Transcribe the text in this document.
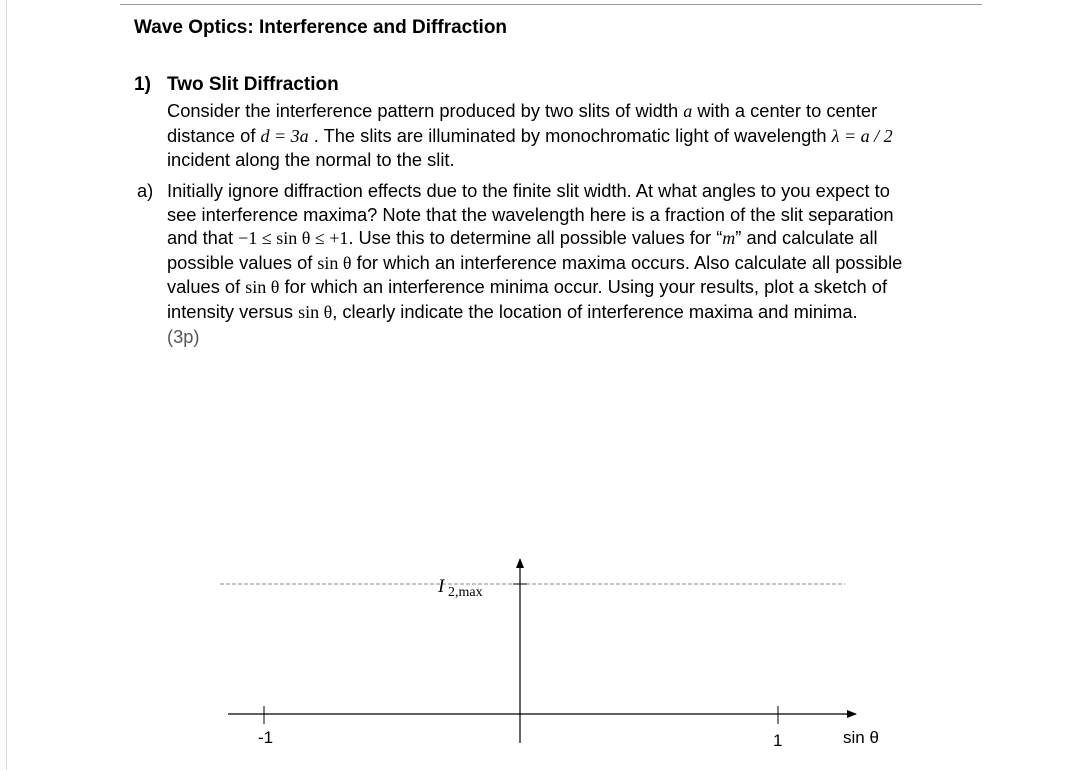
Wave Optics: Interference and Diffraction
1) Two Slit Diffraction
Consider the interference pattern produced by two slits of width a with a center to center
distance of d = 3a . The slits are illuminated by monochromatic light of wavelength λ = a / 2
incident along the normal to the slit.
a) Initially ignore diffraction effects due to the finite slit width. At what angles to you expect to
see interference maxima? Note that the wavelength here is a fraction of the slit separation
and that −1 ≤ sin θ ≤ +1. Use this to determine all possible values for “m” and calculate all
possible values of sin θ for which an interference maxima occurs. Also calculate all possible
values of sin θ for which an interference minima occur. Using your results, plot a sketch of
intensity versus sin θ, clearly indicate the location of interference maxima and minima.
(3p)
-1	1	sin θ
I 2,max
